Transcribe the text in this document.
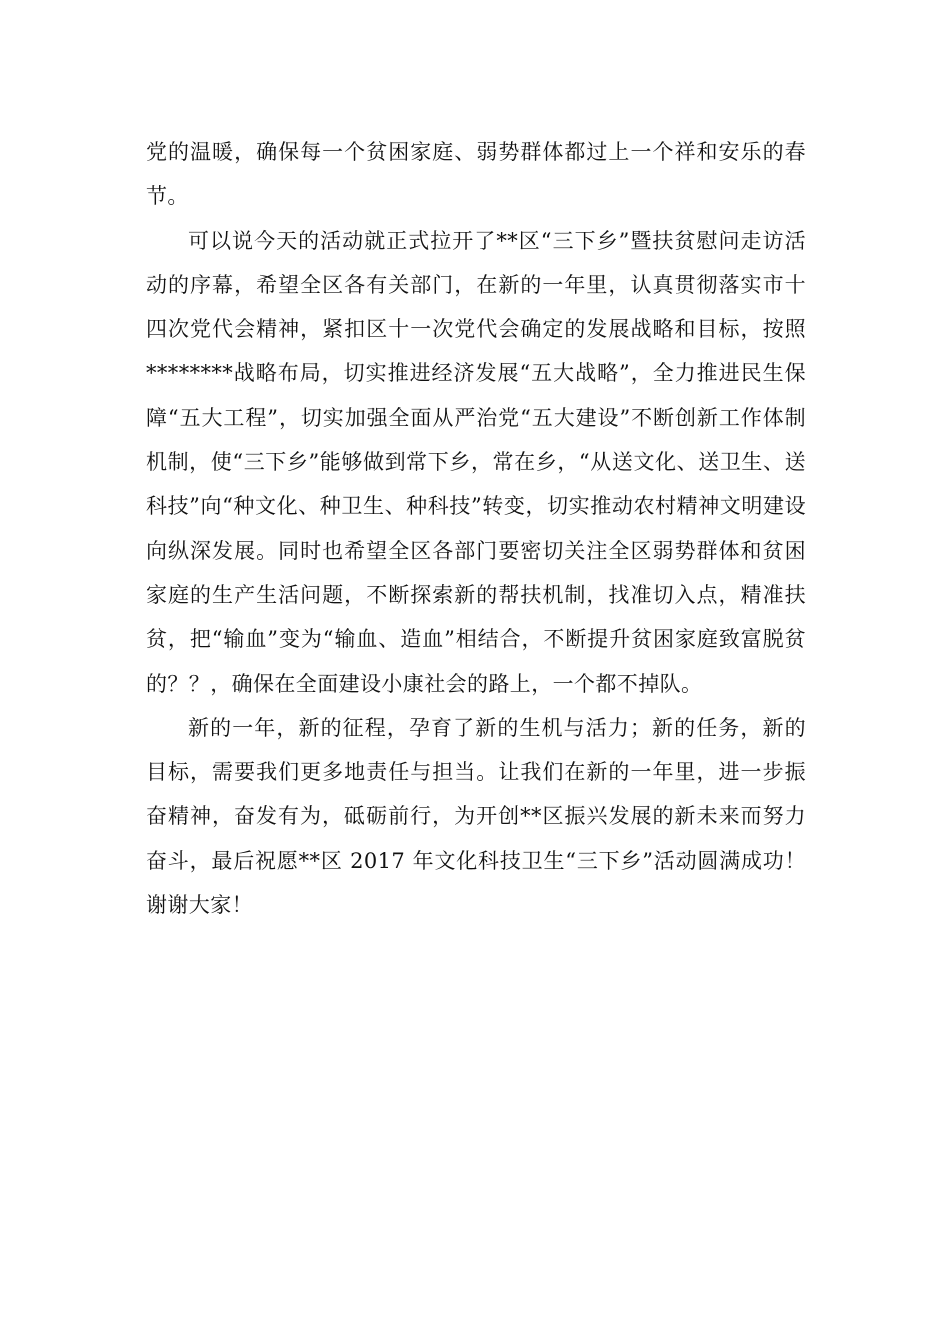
党的温暖，确保每一个贫困家庭、弱势群体都过上一个祥和安乐的春节。

可以说今天的活动就正式拉开了**区“三下乡”暨扶贫慰问走访活动的序幕，希望全区各有关部门，在新的一年里，认真贯彻落实市十四次党代会精神，紧扣区十一次党代会确定的发展战略和目标，按照********战略布局，切实推进经济发展“五大战略”，全力推进民生保障“五大工程”，切实加强全面从严治党“五大建设”不断创新工作体制机制，使“三下乡”能够做到常下乡，常在乡，“从送文化、送卫生、送科技”向“种文化、种卫生、种科技”转变，切实推动农村精神文明建设向纵深发展。同时也希望全区各部门要密切关注全区弱势群体和贫困家庭的生产生活问题，不断探索新的帮扶机制，找准切入点，精准扶贫，把“输血”变为“输血、造血”相结合，不断提升贫困家庭致富脱贫的？？，确保在全面建设小康社会的路上，一个都不掉队。

新的一年，新的征程，孕育了新的生机与活力；新的任务，新的目标，需要我们更多地责任与担当。让我们在新的一年里，进一步振奋精神，奋发有为，砥砺前行，为开创**区振兴发展的新未来而努力奋斗，最后祝愿**区 2017 年文化科技卫生“三下乡”活动圆满成功！谢谢大家！
